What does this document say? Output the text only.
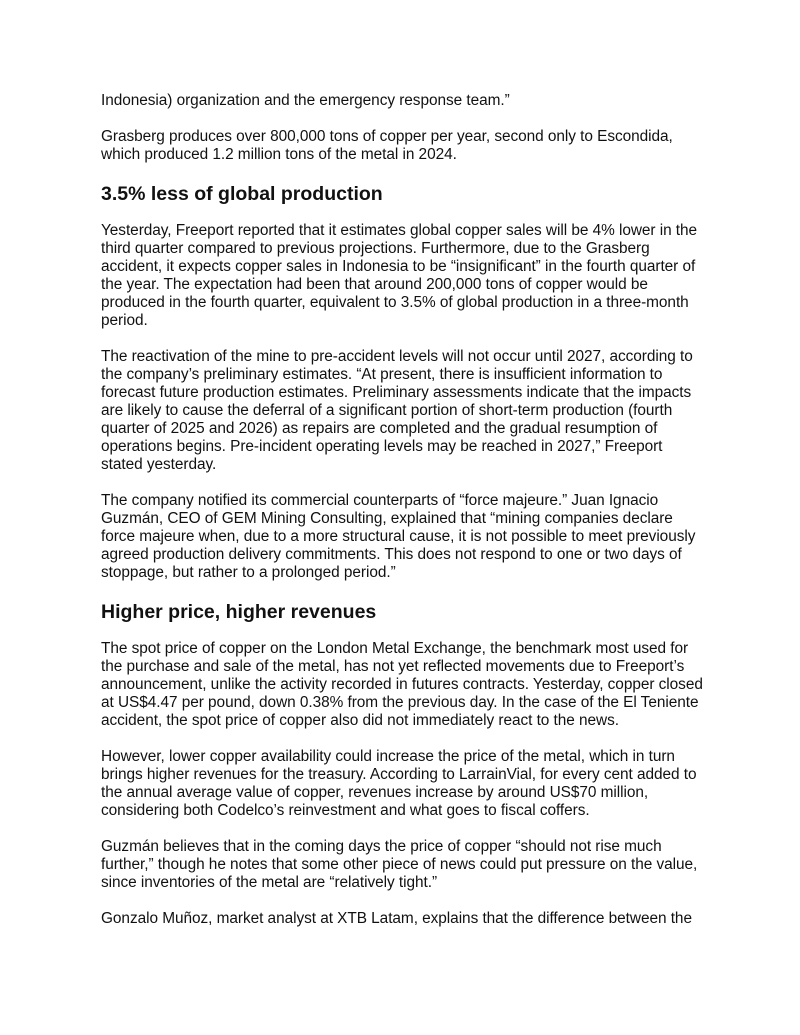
Indonesia) organization and the emergency response team.”

Grasberg produces over 800,000 tons of copper per year, second only to Escondida, which produced 1.2 million tons of the metal in 2024.

3.5% less of global production

Yesterday, Freeport reported that it estimates global copper sales will be 4% lower in the third quarter compared to previous projections. Furthermore, due to the Grasberg accident, it expects copper sales in Indonesia to be “insignificant” in the fourth quarter of the year. The expectation had been that around 200,000 tons of copper would be produced in the fourth quarter, equivalent to 3.5% of global production in a three-month period.

The reactivation of the mine to pre-accident levels will not occur until 2027, according to the company’s preliminary estimates. “At present, there is insufficient information to forecast future production estimates. Preliminary assessments indicate that the impacts are likely to cause the deferral of a significant portion of short-term production (fourth quarter of 2025 and 2026) as repairs are completed and the gradual resumption of operations begins. Pre-incident operating levels may be reached in 2027,” Freeport stated yesterday.

The company notified its commercial counterparts of “force majeure.” Juan Ignacio Guzmán, CEO of GEM Mining Consulting, explained that “mining companies declare force majeure when, due to a more structural cause, it is not possible to meet previously agreed production delivery commitments. This does not respond to one or two days of stoppage, but rather to a prolonged period.”

Higher price, higher revenues

The spot price of copper on the London Metal Exchange, the benchmark most used for the purchase and sale of the metal, has not yet reflected movements due to Freeport’s announcement, unlike the activity recorded in futures contracts. Yesterday, copper closed at US$4.47 per pound, down 0.38% from the previous day. In the case of the El Teniente accident, the spot price of copper also did not immediately react to the news.

However, lower copper availability could increase the price of the metal, which in turn brings higher revenues for the treasury. According to LarrainVial, for every cent added to the annual average value of copper, revenues increase by around US$70 million, considering both Codelco’s reinvestment and what goes to fiscal coffers.

Guzmán believes that in the coming days the price of copper “should not rise much further,” though he notes that some other piece of news could put pressure on the value, since inventories of the metal are “relatively tight.”

Gonzalo Muñoz, market analyst at XTB Latam, explains that the difference between the
